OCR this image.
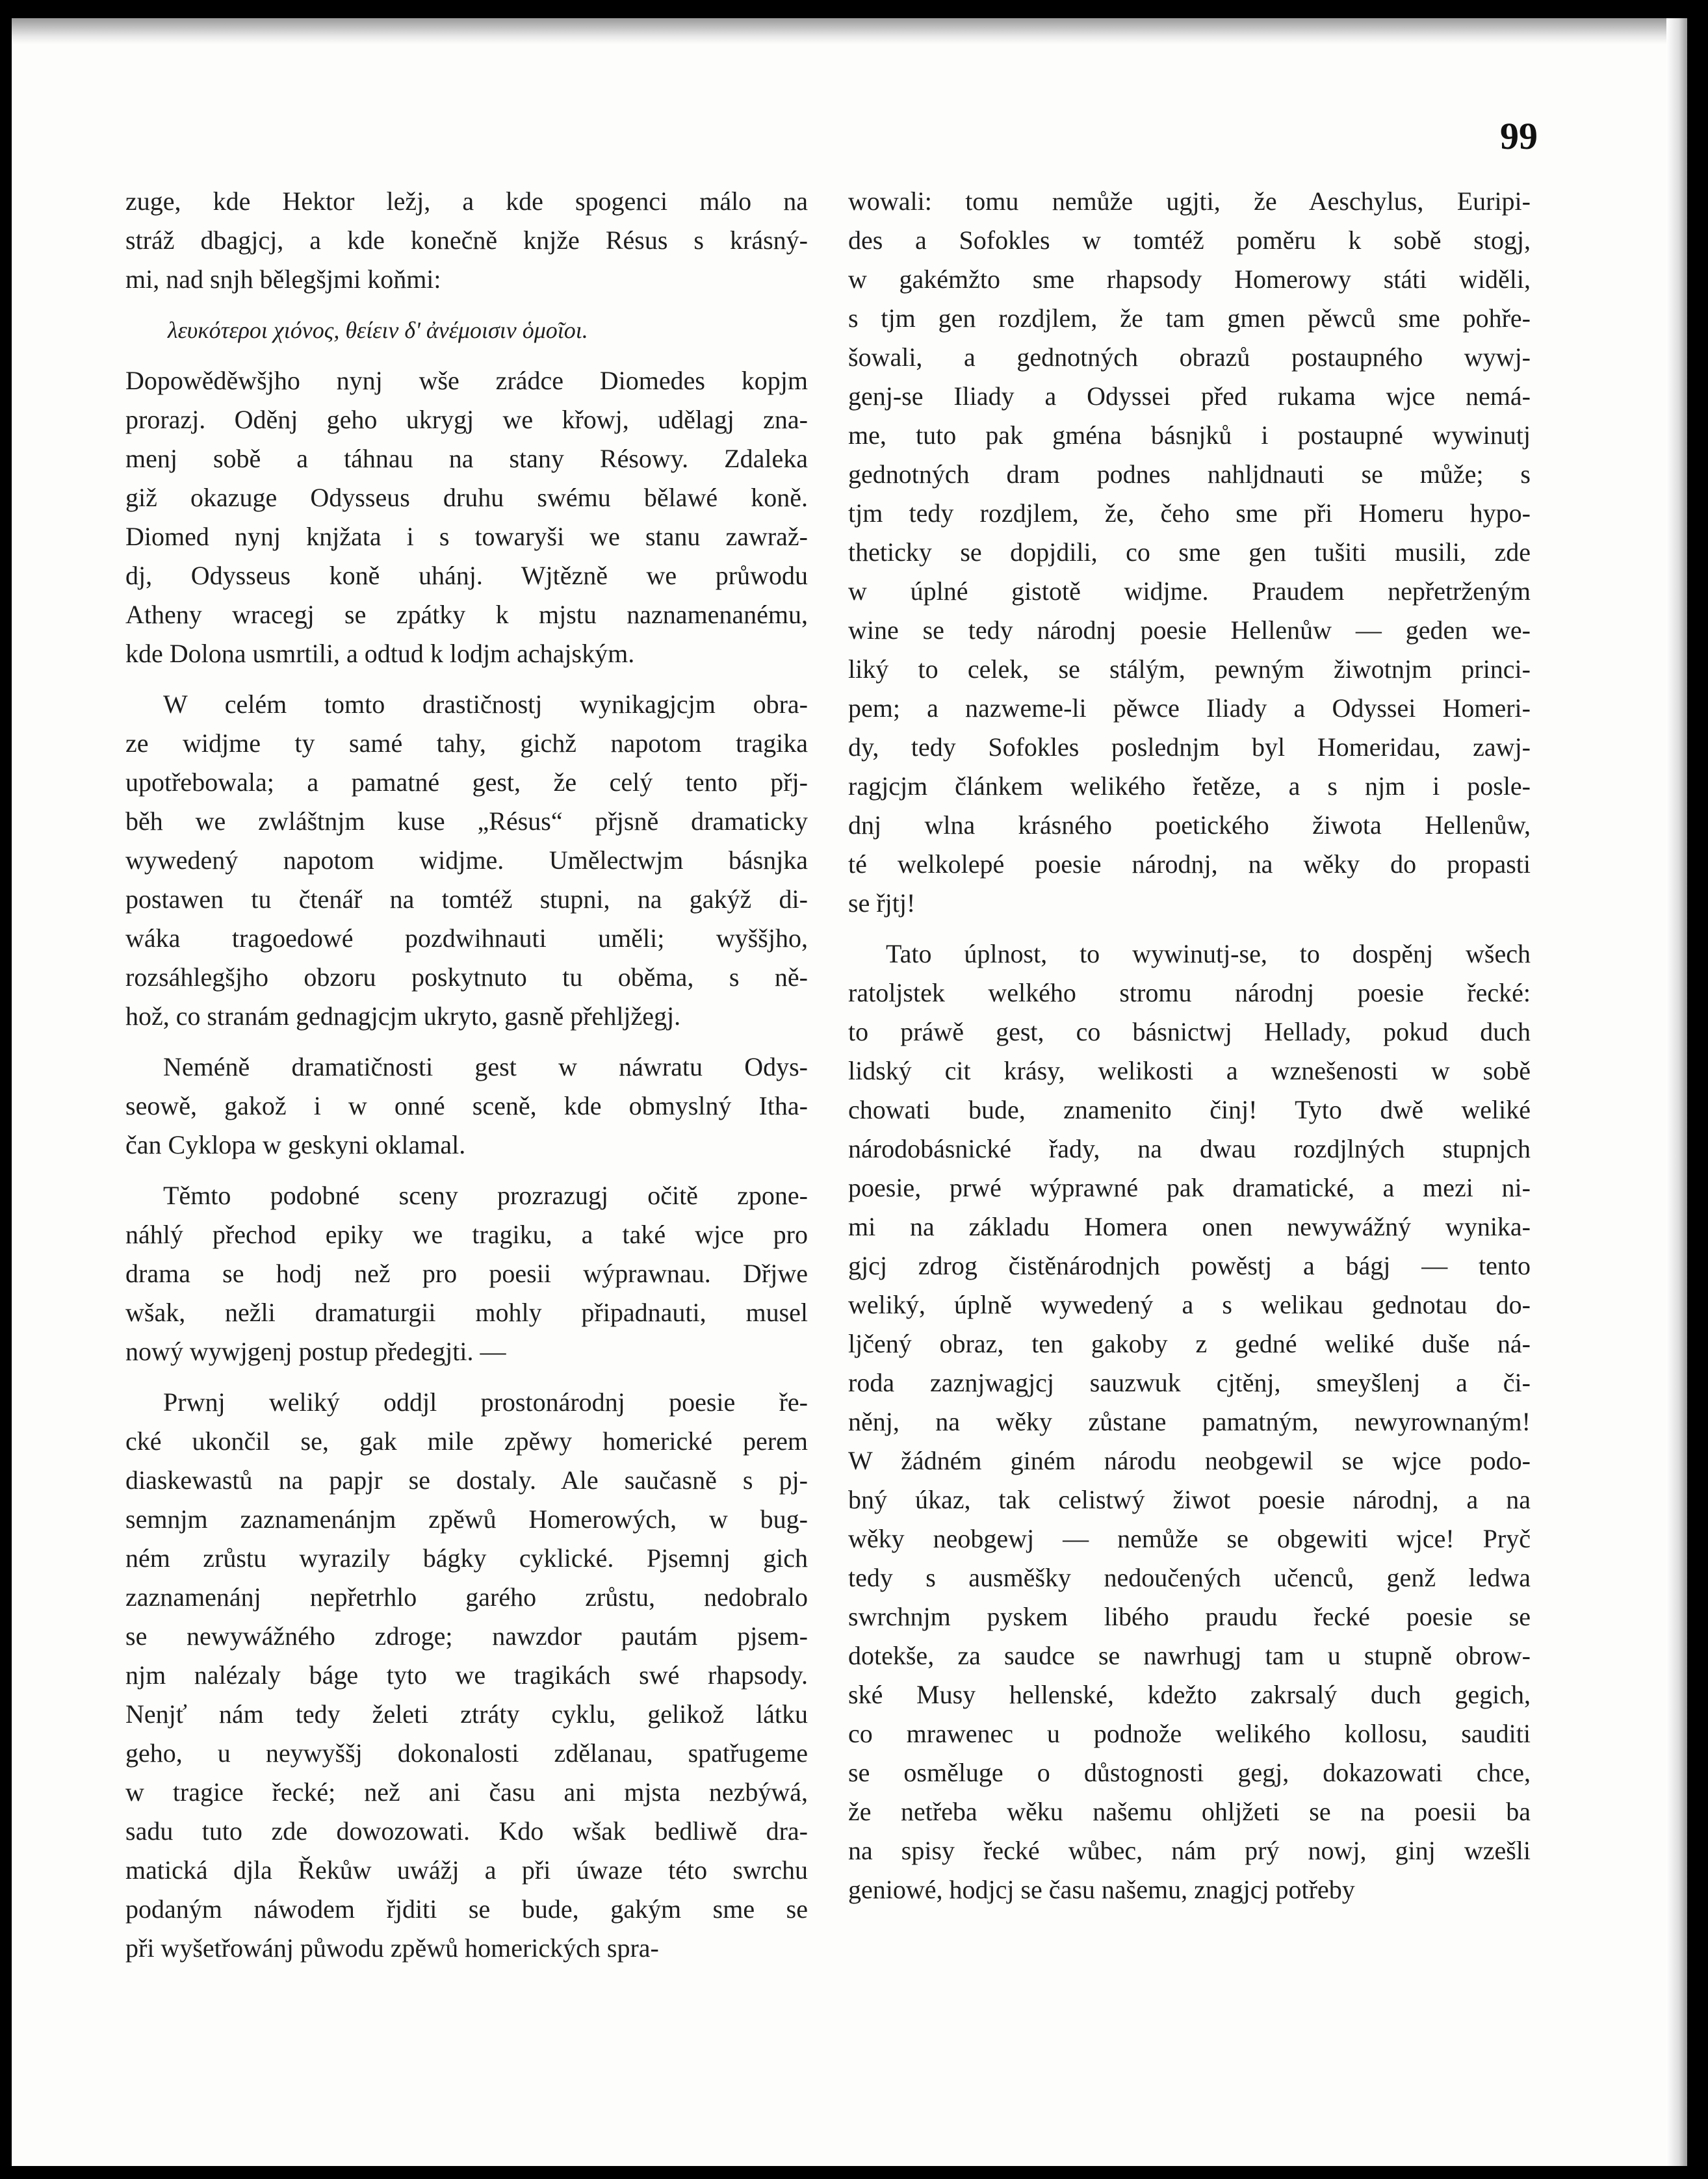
99
zuge, kde Hektor ležj, a kde spogenci málo na
stráž dbagjcj, a kde konečně knjže Résus s krásný-
mi, nad snjh bělegšjmi koňmi:
λευκότεροι χιόνος, θείειν δ' ἀνέμοισιν ὁμοῖοι.
Dopowěděwšjho nynj wše zrádce Diomedes kopjm
prorazj. Oděnj geho ukrygj we křowj, udělagj zna-
menj sobě a táhnau na stany Résowy. Zdaleka
giž okazuge Odysseus druhu swému bělawé koně.
Diomed nynj knjžata i s towaryši we stanu zawraž-
dj, Odysseus koně uhánj. Wjtězně we průwodu
Atheny wracegj se zpátky k mjstu naznamenanému,
kde Dolona usmrtili, a odtud k lodjm achajským.
W celém tomto drastičnostj wynikagjcjm obra-
ze widjme ty samé tahy, gichž napotom tragika
upotřebowala; a pamatné gest, že celý tento přj-
běh we zwláštnjm kuse „Résus“ přjsně dramaticky
wywedený napotom widjme. Umělectwjm básnjka
postawen tu čtenář na tomtéž stupni, na gakýž di-
wáka tragoedowé pozdwihnauti uměli; wyššjho,
rozsáhlegšjho obzoru poskytnuto tu oběma, s ně-
hož, co stranám gednagjcjm ukryto, gasně přehljžegj.
Neméně dramatičnosti gest w náwratu Odys-
seowě, gakož i w onné sceně, kde obmyslný Itha-
čan Cyklopa w geskyni oklamal.
Těmto podobné sceny prozrazugj očitě zpone-
náhlý přechod epiky we tragiku, a také wjce pro
drama se hodj než pro poesii wýprawnau. Dřjwe
wšak, nežli dramaturgii mohly připadnauti, musel
nowý wywjgenj postup předegjti. —
Prwnj weliký oddjl prostonárodnj poesie ře-
cké ukončil se, gak mile zpěwy homerické perem
diaskewastů na papjr se dostaly. Ale saučasně s pj-
semnjm zaznamenánjm zpěwů Homerowých, w bug-
ném zrůstu wyrazily bágky cyklické. Pjsemnj gich
zaznamenánj nepřetrhlo garého zrůstu, nedobralo
se newywážného zdroge; nawzdor pautám pjsem-
njm nalézaly báge tyto we tragikách swé rhapsody.
Nenjť nám tedy želeti ztráty cyklu, gelikož látku
geho, u neywyššj dokonalosti zdělanau, spatřugeme
w tragice řecké; než ani času ani mjsta nezbýwá,
sadu tuto zde dowozowati. Kdo wšak bedliwě dra-
matická djla Řekůw uwážj a při úwaze této swrchu
podaným náwodem řjditi se bude, gakým sme se
při wyšetřowánj půwodu zpěwů homerických spra-
wowali: tomu nemůže ugjti, že Aeschylus, Euripi-
des a Sofokles w tomtéž poměru k sobě stogj,
w gakémžto sme rhapsody Homerowy státi widěli,
s tjm gen rozdjlem, že tam gmen pěwců sme pohře-
šowali, a gednotných obrazů postaupného wywj-
genj-se Iliady a Odyssei před rukama wjce nemá-
me, tuto pak gména básnjků i postaupné wywinutj
gednotných dram podnes nahljdnauti se může; s
tjm tedy rozdjlem, že, čeho sme při Homeru hypo-
theticky se dopjdili, co sme gen tušiti musili, zde
w úplné gistotě widjme. Praudem nepřetrženým
wine se tedy národnj poesie Hellenůw — geden we-
liký to celek, se stálým, pewným žiwotnjm princi-
pem; a nazweme-li pěwce Iliady a Odyssei Homeri-
dy, tedy Sofokles poslednjm byl Homeridau, zawj-
ragjcjm článkem welikého řetěze, a s njm i posle-
dnj wlna krásného poetického žiwota Hellenůw,
té welkolepé poesie národnj, na wěky do propasti
se řjtj!
Tato úplnost, to wywinutj-se, to dospěnj wšech
ratoljstek welkého stromu národnj poesie řecké:
to práwě gest, co básnictwj Hellady, pokud duch
lidský cit krásy, welikosti a wznešenosti w sobě
chowati bude, znamenito činj! Tyto dwě weliké
národobásnické řady, na dwau rozdjlných stupnjch
poesie, prwé wýprawné pak dramatické, a mezi ni-
mi na základu Homera onen newywážný wynika-
gjcj zdrog čistěnárodnjch powěstj a bágj — tento
weliký, úplně wywedený a s welikau gednotau do-
ljčený obraz, ten gakoby z gedné weliké duše ná-
roda zaznjwagjcj sauzwuk cjtěnj, smeyšlenj a či-
něnj, na wěky zůstane pamatným, newyrownaným!
W žádném giném národu neobgewil se wjce podo-
bný úkaz, tak celistwý žiwot poesie národnj, a na
wěky neobgewj — nemůže se obgewiti wjce! Pryč
tedy s ausměšky nedoučených učenců, genž ledwa
swrchnjm pyskem libého praudu řecké poesie se
dotekše, za saudce se nawrhugj tam u stupně obrow-
ské Musy hellenské, kdežto zakrsalý duch gegich,
co mrawenec u podnože welikého kollosu, sauditi
se osměluge o důstognosti gegj, dokazowati chce,
že netřeba wěku našemu ohljžeti se na poesii ba
na spisy řecké wůbec, nám prý nowj, ginj wzešli
geniowé, hodjcj se času našemu, znagjcj potřeby
